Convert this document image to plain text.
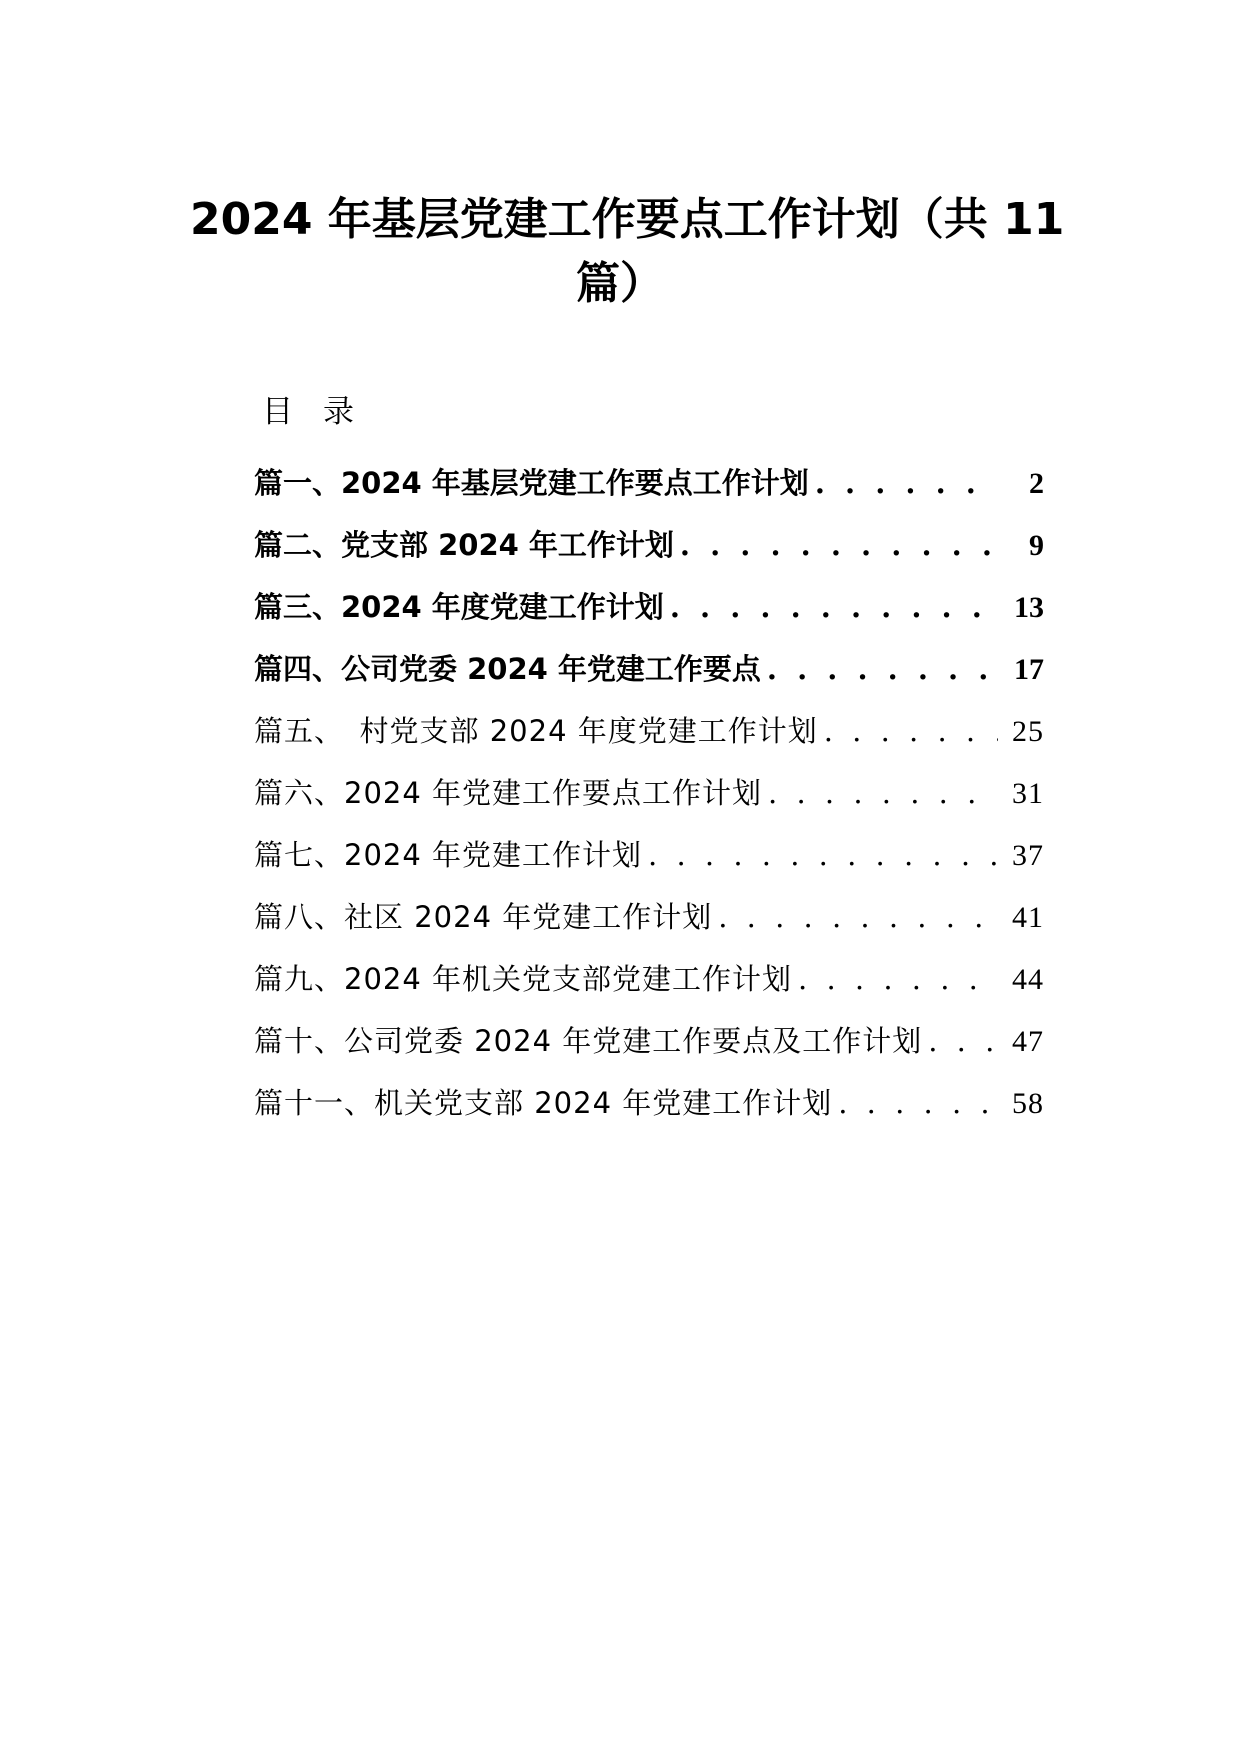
2024 年基层党建工作要点工作计划（共 11
篇）
目录
篇一、2024 年基层党建工作要点工作计划 . . .	2
篇二、党支部 2024 年工作计划 . . .	9
篇三、2024 年度党建工作计划 . . .	13
篇四、公司党委 2024 年党建工作要点 . . .	17
篇五、　村党支部 2024 年度党建工作计划 . . .	25
篇六、2024 年党建工作要点工作计划 . . .	31
篇七、2024 年党建工作计划 . . .	37
篇八、社区 2024 年党建工作计划 . . .	41
篇九、2024 年机关党支部党建工作计划 . . .	44
篇十、公司党委 2024 年党建工作要点及工作计划 . . .	47
篇十一、机关党支部 2024 年党建工作计划 . . .	58
